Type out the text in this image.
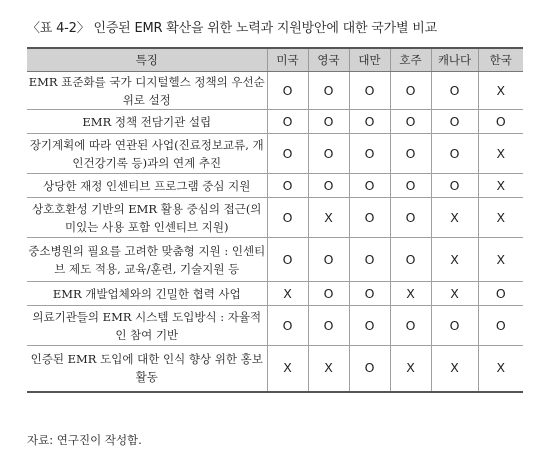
〈표 4-2〉 인증된 EMR 확산을 위한 노력과 지원방안에 대한 국가별 비교
특징	미국	영국	대만	호주	캐나다	한국
EMR 표준화를 국가 디지털헬스 정책의 우선순위로 설정	O	O	O	O	O	X
EMR 정책 전담기관 설립	O	O	O	O	O	O
장기계획에 따라 연관된 사업(진료정보교류, 개인건강기록 등)과의 연계 추진	O	O	O	O	O	X
상당한 재정 인센티브 프로그램 중심 지원	O	O	O	O	O	X
상호호환성 기반의 EMR 활용 중심의 접근(의미있는 사용 포함 인센티브 지원)	O	X	O	O	X	X
중소병원의 필요를 고려한 맞춤형 지원 : 인센티브 제도 적용, 교육/훈련, 기술지원 등	O	O	O	O	X	X
EMR 개발업체와의 긴밀한 협력 사업	X	O	O	X	X	O
의료기관들의 EMR 시스템 도입방식 : 자율적인 참여 기반	O	O	O	O	O	O
인증된 EMR 도입에 대한 인식 향상 위한 홍보활동	X	X	O	X	X	X
자료: 연구진이 작성함.
